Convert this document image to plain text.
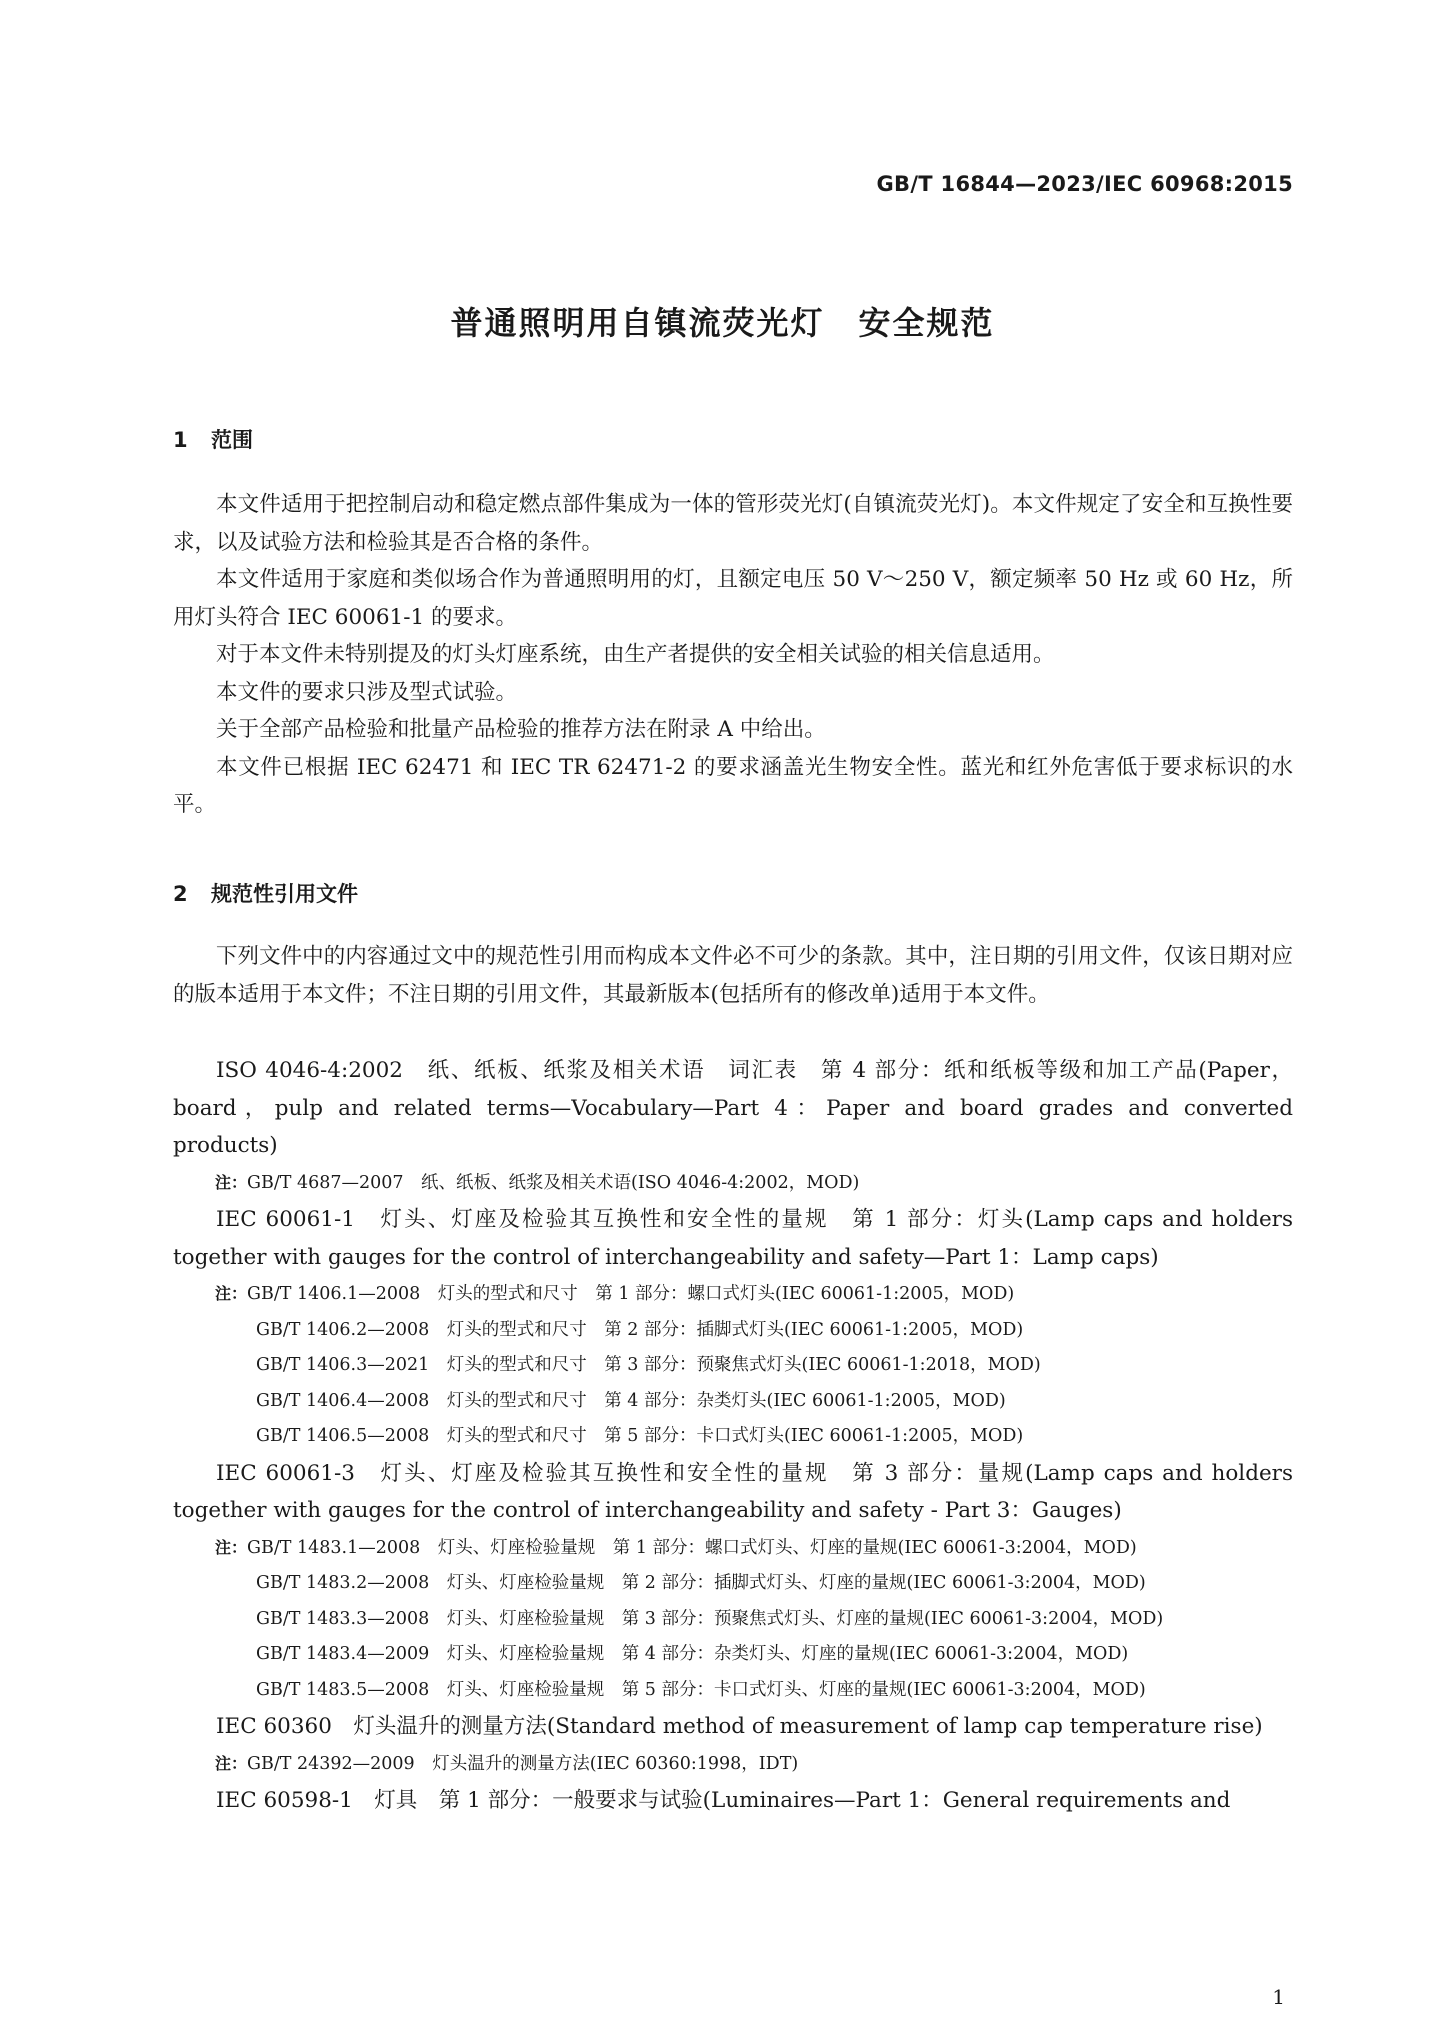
GB/T 16844—2023/IEC 60968:2015
普通照明用自镇流荧光灯　安全规范
1 范围

本文件适用于把控制启动和稳定燃点部件集成为一体的管形荧光灯(自镇流荧光灯)。本文件规定了安全和互换性要求，以及试验方法和检验其是否合格的条件。

本文件适用于家庭和类似场合作为普通照明用的灯，且额定电压 50 V～250 V，额定频率 50 Hz 或 60 Hz，所用灯头符合 IEC 60061-1 的要求。

对于本文件未特别提及的灯头灯座系统，由生产者提供的安全相关试验的相关信息适用。

本文件的要求只涉及型式试验。

关于全部产品检验和批量产品检验的推荐方法在附录 A 中给出。

本文件已根据 IEC 62471 和 IEC TR 62471-2 的要求涵盖光生物安全性。蓝光和红外危害低于要求标识的水平。

2 规范性引用文件

下列文件中的内容通过文中的规范性引用而构成本文件必不可少的条款。其中，注日期的引用文件，仅该日期对应的版本适用于本文件；不注日期的引用文件，其最新版本(包括所有的修改单)适用于本文件。

ISO 4046-4:2002　纸、纸板、纸浆及相关术语　词汇表　第 4 部分：纸和纸板等级和加工产品(Paper，board，pulp and related terms—Vocabulary—Part 4：Paper and board grades and converted products)

注：GB/T 4687—2007　纸、纸板、纸浆及相关术语(ISO 4046-4:2002，MOD)

IEC 60061-1　灯头、灯座及检验其互换性和安全性的量规　第 1 部分：灯头(Lamp caps and holders together with gauges for the control of interchangeability and safety—Part 1：Lamp caps)

注：GB/T 1406.1—2008　灯头的型式和尺寸　第 1 部分：螺口式灯头(IEC 60061-1:2005，MOD)

GB/T 1406.2—2008　灯头的型式和尺寸　第 2 部分：插脚式灯头(IEC 60061-1:2005，MOD)

GB/T 1406.3—2021　灯头的型式和尺寸　第 3 部分：预聚焦式灯头(IEC 60061-1:2018，MOD)

GB/T 1406.4—2008　灯头的型式和尺寸　第 4 部分：杂类灯头(IEC 60061-1:2005，MOD)

GB/T 1406.5—2008　灯头的型式和尺寸　第 5 部分：卡口式灯头(IEC 60061-1:2005，MOD)

IEC 60061-3　灯头、灯座及检验其互换性和安全性的量规　第 3 部分：量规(Lamp caps and holders together with gauges for the control of interchangeability and safety - Part 3：Gauges)

注：GB/T 1483.1—2008　灯头、灯座检验量规　第 1 部分：螺口式灯头、灯座的量规(IEC 60061-3:2004，MOD)

GB/T 1483.2—2008　灯头、灯座检验量规　第 2 部分：插脚式灯头、灯座的量规(IEC 60061-3:2004，MOD)

GB/T 1483.3—2008　灯头、灯座检验量规　第 3 部分：预聚焦式灯头、灯座的量规(IEC 60061-3:2004，MOD)

GB/T 1483.4—2009　灯头、灯座检验量规　第 4 部分：杂类灯头、灯座的量规(IEC 60061-3:2004，MOD)

GB/T 1483.5—2008　灯头、灯座检验量规　第 5 部分：卡口式灯头、灯座的量规(IEC 60061-3:2004，MOD)

IEC 60360　灯头温升的测量方法(Standard method of measurement of lamp cap temperature rise)

注：GB/T 24392—2009　灯头温升的测量方法(IEC 60360:1998，IDT)

IEC 60598-1　灯具　第 1 部分：一般要求与试验(Luminaires—Part 1：General requirements and

1
